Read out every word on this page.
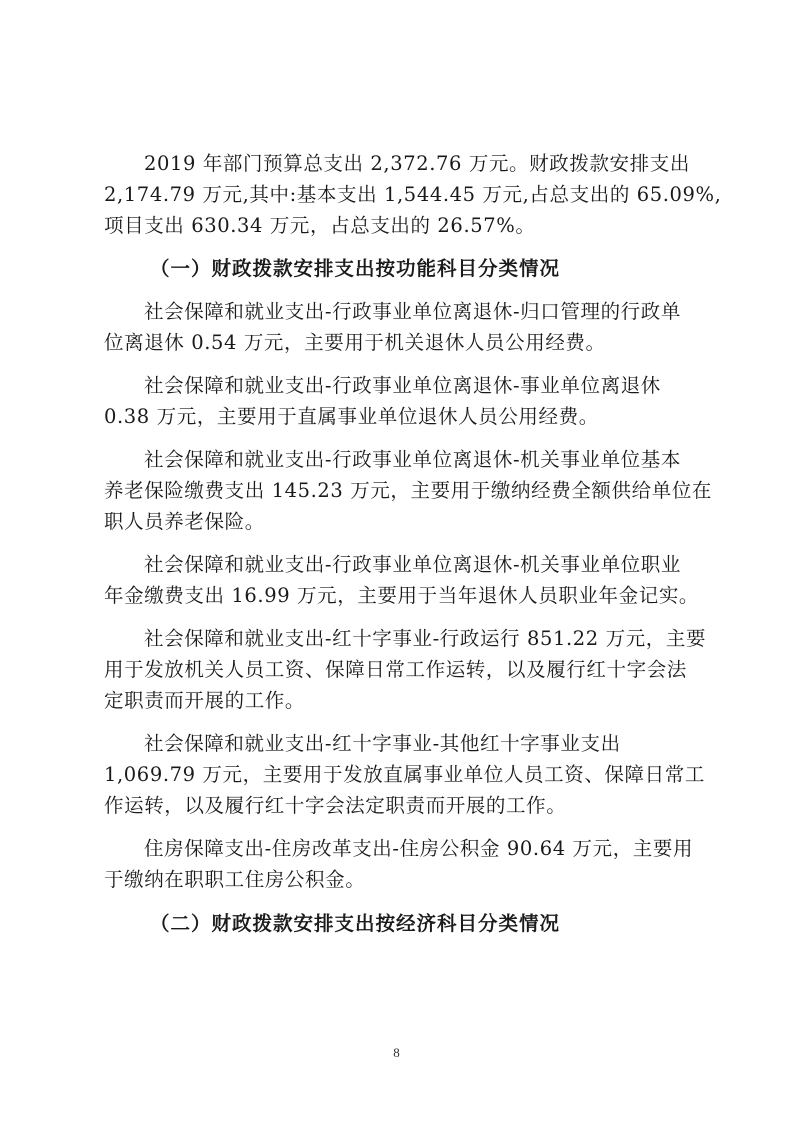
2019 年部门预算总支出 2,372.76 万元。财政拨款安排支出
2,174.79 万元,其中:基本支出 1,544.45 万元,占总支出的 65.09%,
项目支出 630.34 万元，占总支出的 26.57%。
（一）财政拨款安排支出按功能科目分类情况
社会保障和就业支出-行政事业单位离退休-归口管理的行政单
位离退休 0.54 万元，主要用于机关退休人员公用经费。
社会保障和就业支出-行政事业单位离退休-事业单位离退休
0.38 万元，主要用于直属事业单位退休人员公用经费。
社会保障和就业支出-行政事业单位离退休-机关事业单位基本
养老保险缴费支出 145.23 万元，主要用于缴纳经费全额供给单位在
职人员养老保险。
社会保障和就业支出-行政事业单位离退休-机关事业单位职业
年金缴费支出 16.99 万元，主要用于当年退休人员职业年金记实。
社会保障和就业支出-红十字事业-行政运行 851.22 万元，主要
用于发放机关人员工资、保障日常工作运转，以及履行红十字会法
定职责而开展的工作。
社会保障和就业支出-红十字事业-其他红十字事业支出
1,069.79 万元，主要用于发放直属事业单位人员工资、保障日常工
作运转，以及履行红十字会法定职责而开展的工作。
住房保障支出-住房改革支出-住房公积金 90.64 万元，主要用
于缴纳在职职工住房公积金。
（二）财政拨款安排支出按经济科目分类情况
8
